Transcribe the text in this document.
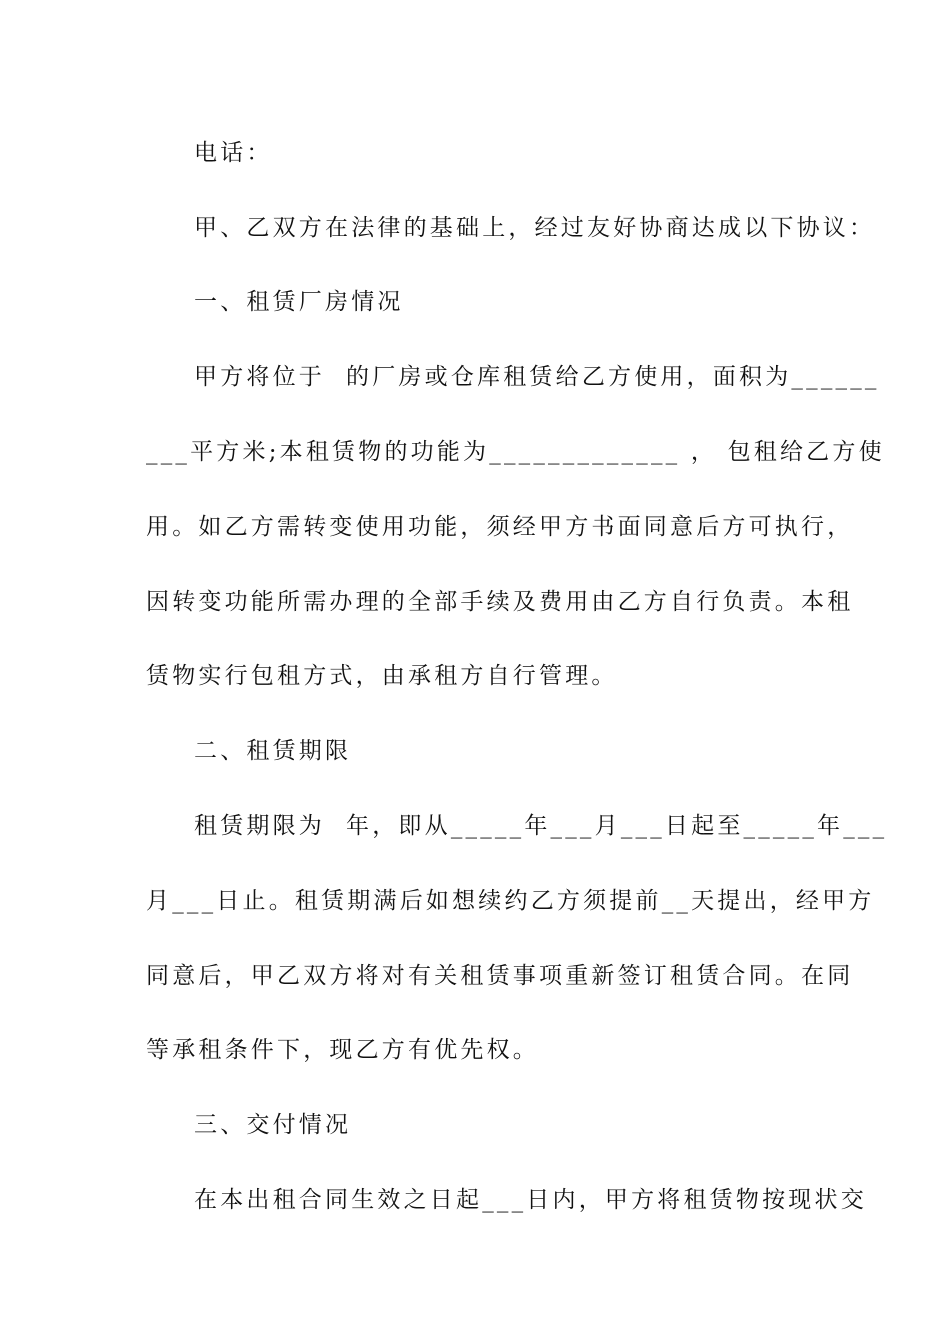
电话：

甲、乙双方在法律的基础上，经过友好协商达成以下协议：

一、租赁厂房情况

甲方将位于  的厂房或仓库租赁给乙方使用，面积为______

___平方米;本租赁物的功能为_____________ ， 包租给乙方使

用。如乙方需转变使用功能，须经甲方书面同意后方可执行，

因转变功能所需办理的全部手续及费用由乙方自行负责。本租

赁物实行包租方式，由承租方自行管理。

二、租赁期限

租赁期限为  年，即从_____年___月___日起至_____年___

月___日止。租赁期满后如想续约乙方须提前__天提出，经甲方

同意后，甲乙双方将对有关租赁事项重新签订租赁合同。在同

等承租条件下，现乙方有优先权。

三、交付情况

在本出租合同生效之日起___日内，甲方将租赁物按现状交
